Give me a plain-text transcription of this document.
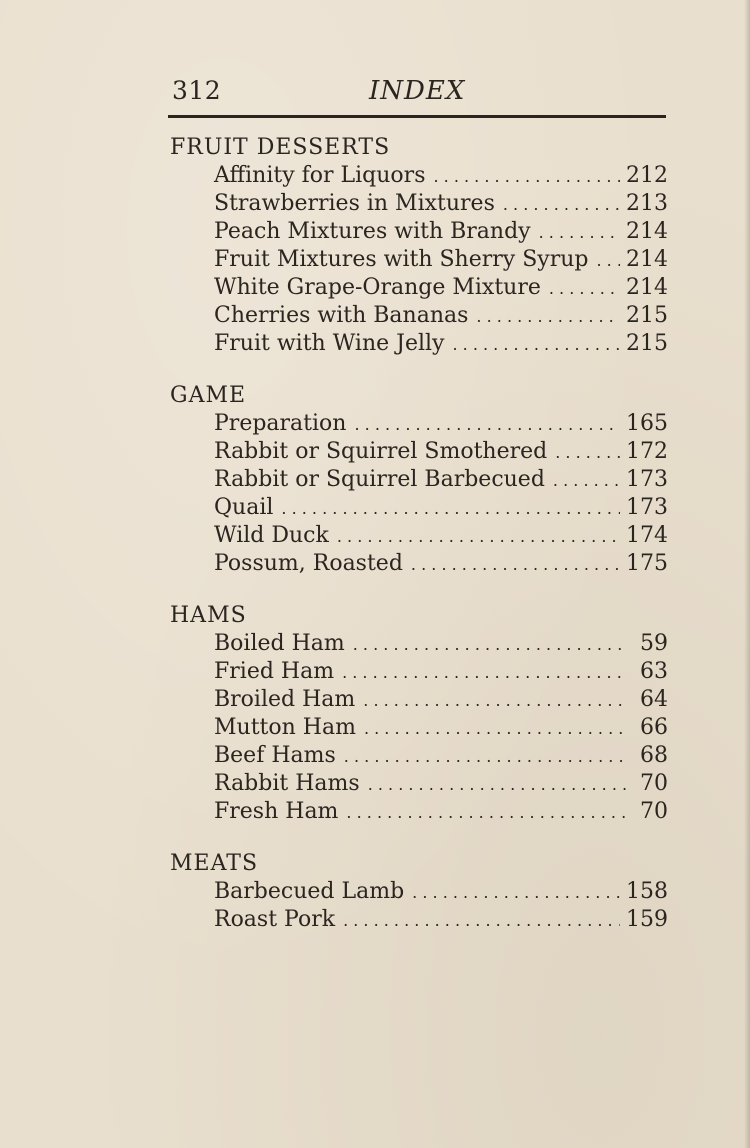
312	INDEX
FRUIT DESSERTS
Affinity for Liquors . . .	212
Strawberries in Mixtures . . .	213
Peach Mixtures with Brandy . . .	214
Fruit Mixtures with Sherry Syrup . . . 214
White Grape-Orange Mixture . . .	214
Cherries with Bananas . . .	215
Fruit with Wine Jelly . . .	215
GAME
Preparation . . .	165
Rabbit or Squirrel Smothered . . .	172
Rabbit or Squirrel Barbecued . . .	173
Quail . . .	173
Wild Duck . . .	174
Possum, Roasted . . .	175
HAMS
Boiled Ham . . .	59
Fried Ham . . .	63
Broiled Ham . . .	64
Mutton Ham . . .	66
Beef Hams . . .	68
Rabbit Hams . . .	70
Fresh Ham . . .	70
MEATS
Barbecued Lamb . . .	158
Roast Pork . . .	159
